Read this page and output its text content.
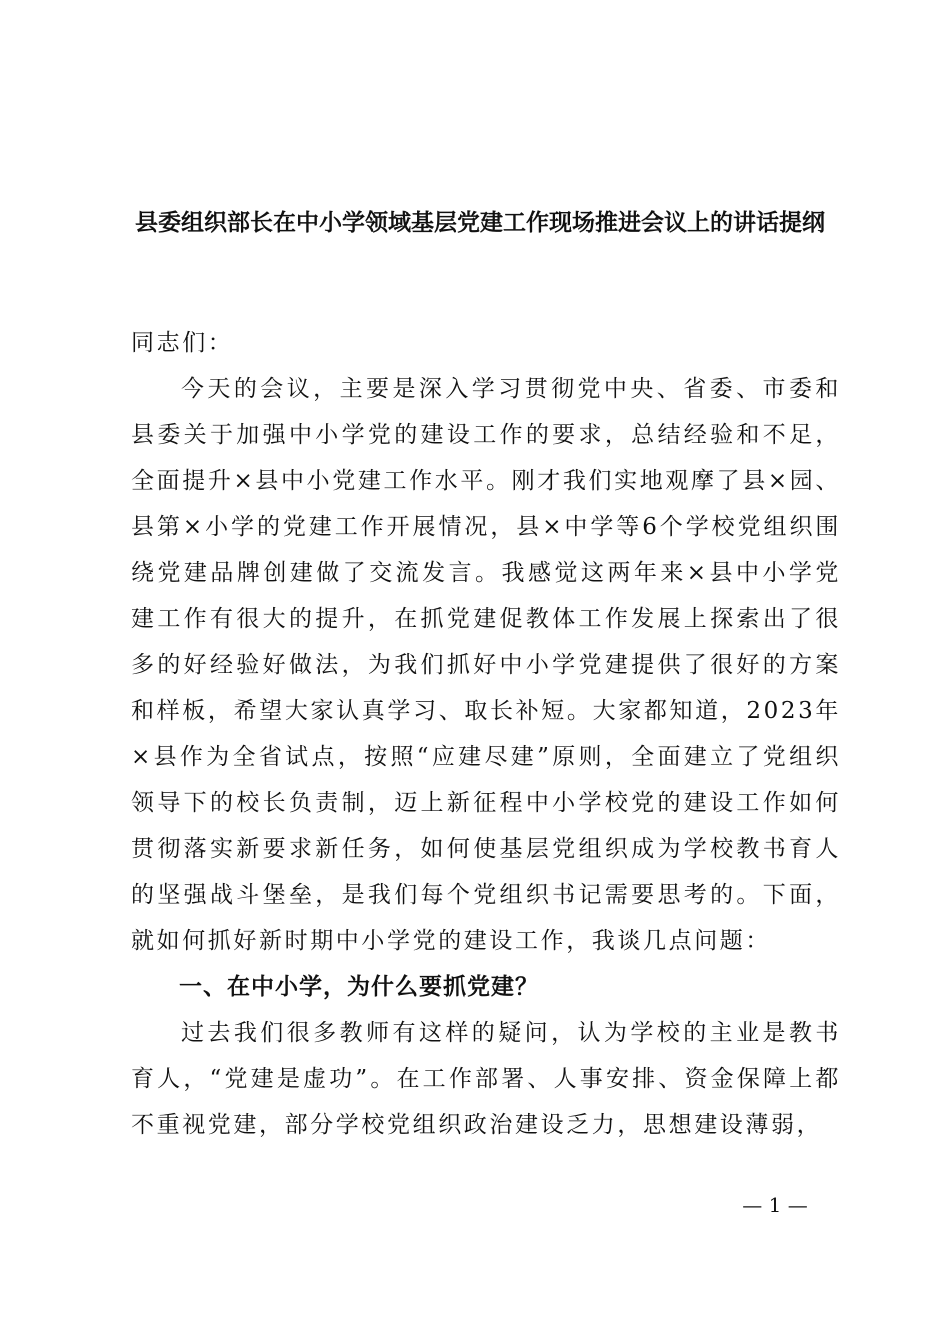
县委组织部长在中小学领域基层党建工作现场推进会议上的讲话提纲

同志们：

今天的会议，主要是深入学习贯彻党中央、省委、市委和县委关于加强中小学党的建设工作的要求，总结经验和不足，全面提升×县中小党建工作水平。刚才我们实地观摩了县×园、县第×小学的党建工作开展情况，县×中学等6个学校党组织围绕党建品牌创建做了交流发言。我感觉这两年来×县中小学党建工作有很大的提升，在抓党建促教体工作发展上探索出了很多的好经验好做法，为我们抓好中小学党建提供了很好的方案和样板，希望大家认真学习、取长补短。大家都知道，2023年×县作为全省试点，按照“应建尽建”原则，全面建立了党组织领导下的校长负责制，迈上新征程中小学校党的建设工作如何贯彻落实新要求新任务，如何使基层党组织成为学校教书育人的坚强战斗堡垒，是我们每个党组织书记需要思考的。下面，就如何抓好新时期中小学党的建设工作，我谈几点问题：

一、在中小学，为什么要抓党建？

过去我们很多教师有这样的疑问，认为学校的主业是教书育人，“党建是虚功”。在工作部署、人事安排、资金保障上都不重视党建，部分学校党组织政治建设乏力，思想建设薄弱，

— 1 —
